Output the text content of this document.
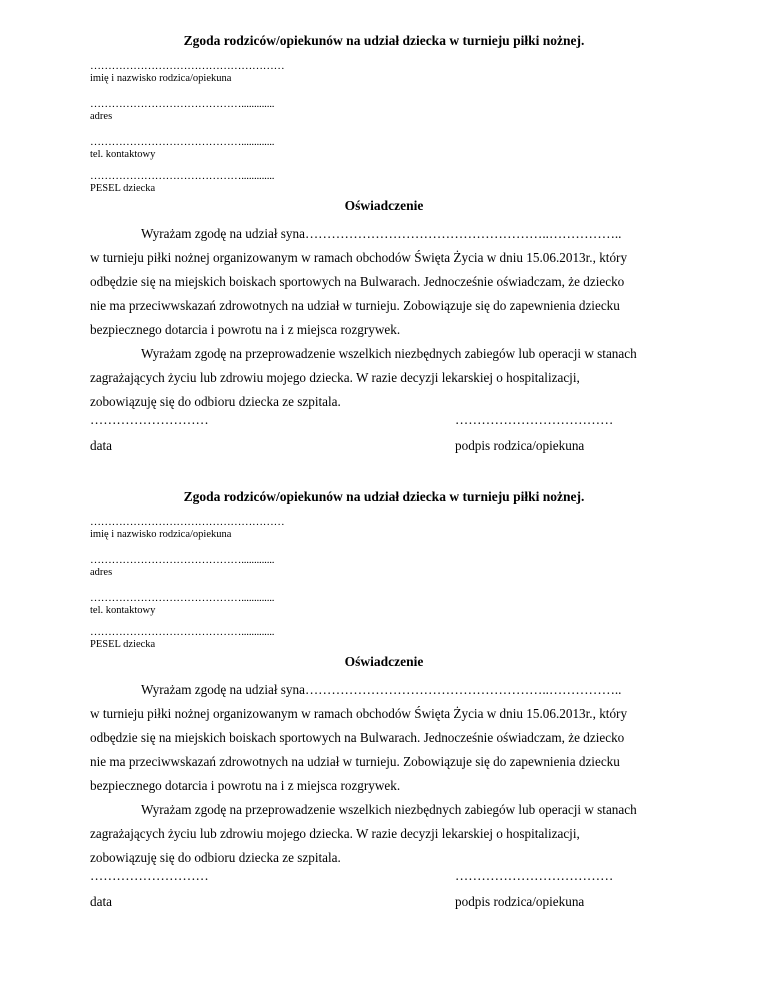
Zgoda rodziców/opiekunów na udział dziecka w turnieju piłki nożnej.
………………………………………………
imię i nazwisko rodzica/opiekuna
…………………………………….............
adres
…………………………………….............
tel. kontaktowy
…………………………………….............
PESEL dziecka
Oświadczenie
Wyrażam zgodę na udział syna………………………………………………..……………..
w turnieju piłki nożnej organizowanym w ramach obchodów Święta Życia w dniu 15.06.2013r., który
odbędzie się na miejskich boiskach sportowych na Bulwarach. Jednocześnie oświadczam, że dziecko
nie ma przeciwwskazań zdrowotnych na udział w turnieju. Zobowiązuje się do zapewnienia dziecku
bezpiecznego dotarcia i powrotu na i z miejsca rozgrywek.
Wyrażam zgodę na przeprowadzenie wszelkich niezbędnych zabiegów lub operacji w stanach
zagrażających życiu lub zdrowiu mojego dziecka. W razie decyzji lekarskiej o hospitalizacji,
zobowiązuję się do odbioru dziecka ze szpitala.
………………………	………………………………
data	podpis rodzica/opiekuna
Zgoda rodziców/opiekunów na udział dziecka w turnieju piłki nożnej.
………………………………………………
imię i nazwisko rodzica/opiekuna
…………………………………….............
adres
…………………………………….............
tel. kontaktowy
…………………………………….............
PESEL dziecka
Oświadczenie
Wyrażam zgodę na udział syna………………………………………………..……………..
w turnieju piłki nożnej organizowanym w ramach obchodów Święta Życia w dniu 15.06.2013r., który
odbędzie się na miejskich boiskach sportowych na Bulwarach. Jednocześnie oświadczam, że dziecko
nie ma przeciwwskazań zdrowotnych na udział w turnieju. Zobowiązuje się do zapewnienia dziecku
bezpiecznego dotarcia i powrotu na i z miejsca rozgrywek.
Wyrażam zgodę na przeprowadzenie wszelkich niezbędnych zabiegów lub operacji w stanach
zagrażających życiu lub zdrowiu mojego dziecka. W razie decyzji lekarskiej o hospitalizacji,
zobowiązuję się do odbioru dziecka ze szpitala.
………………………	………………………………
data	podpis rodzica/opiekuna
